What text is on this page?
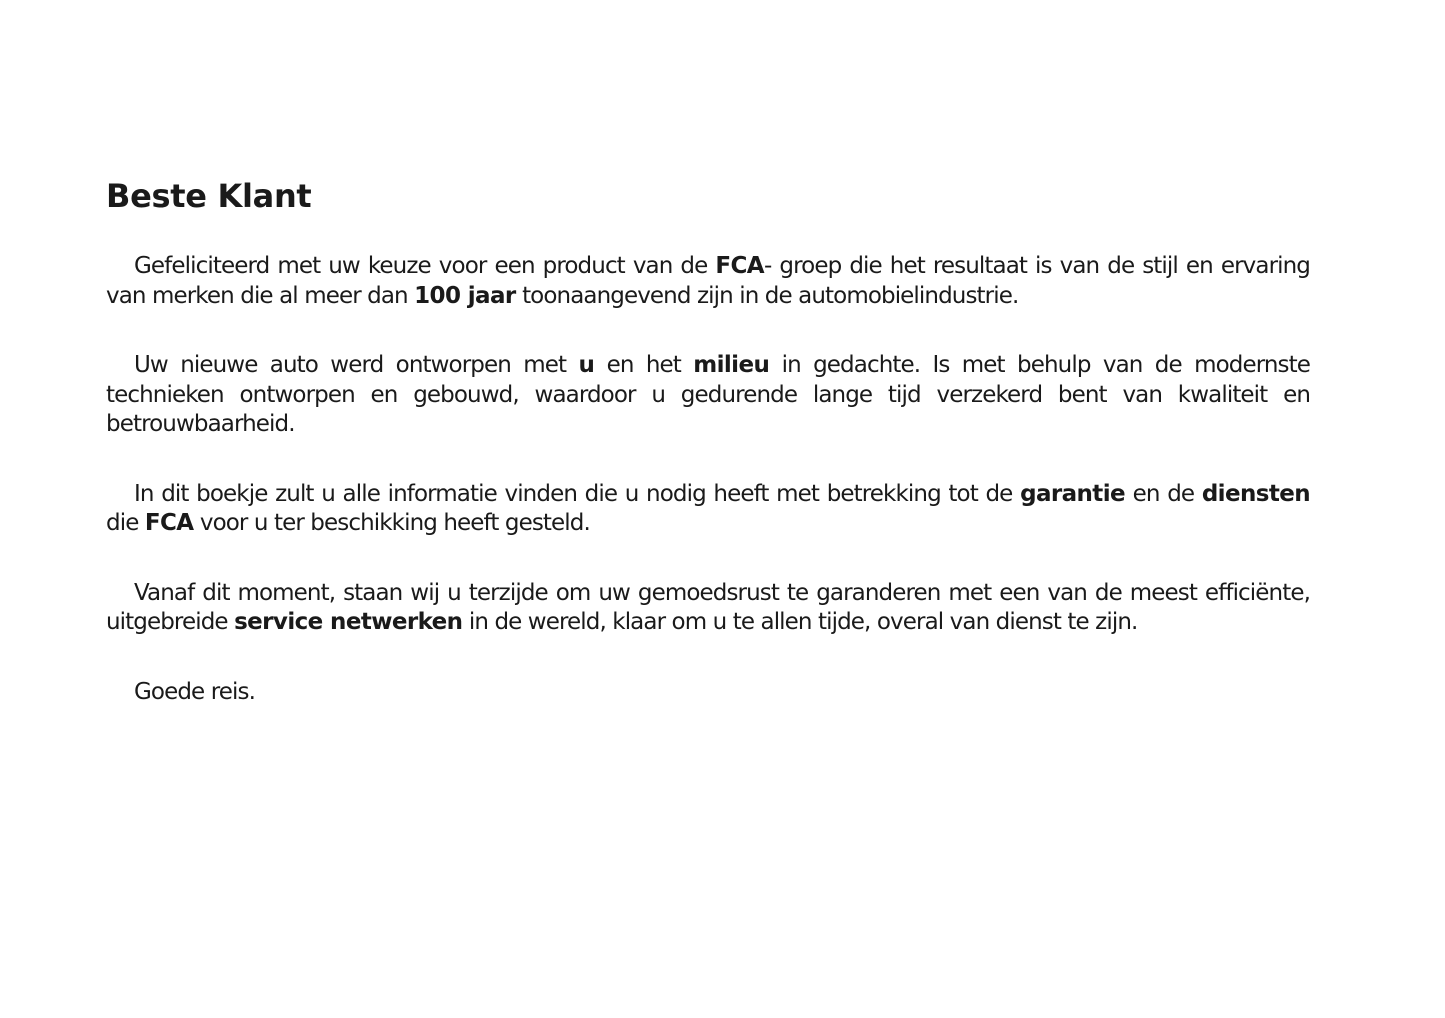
Beste Klant

Gefeliciteerd met uw keuze voor een product van de FCA- groep die het resultaat is van de stijl en ervaring van merken die al meer dan 100 jaar toonaangevend zijn in de automobielindustrie.

Uw nieuwe auto werd ontworpen met u en het milieu in gedachte. Is met behulp van de modernste technieken ontworpen en gebouwd, waardoor u gedurende lange tijd verzekerd bent van kwaliteit en betrouwbaarheid.

In dit boekje zult u alle informatie vinden die u nodig heeft met betrekking tot de garantie en de diensten die FCA voor u ter beschikking heeft gesteld.

Vanaf dit moment, staan wij u terzijde om uw gemoedsrust te garanderen met een van de meest efficiënte, uitgebreide service netwerken in de wereld, klaar om u te allen tijde, overal van dienst te zijn.

Goede reis.
